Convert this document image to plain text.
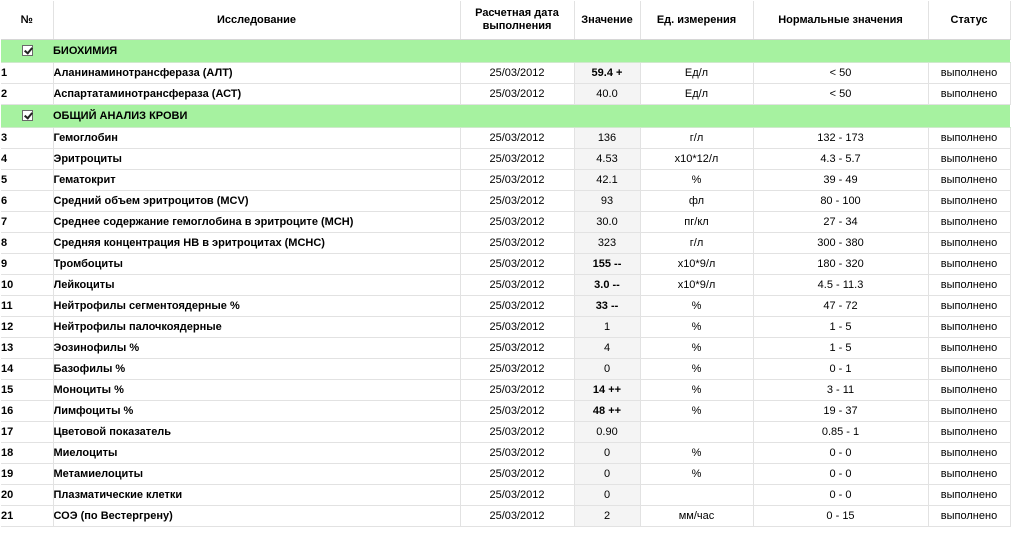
№	Исследование	Расчетная дата выполнения	Значение	Ед. измерения	Нормальные значения	Статус
	БИОХИМИЯ					
1	Аланинаминотрансфераза (АЛТ)	25/03/2012	59.4 +	Ед/л	< 50	выполнено
2	Аспартатаминотрансфераза (АСТ)	25/03/2012	40.0	Ед/л	< 50	выполнено
	ОБЩИЙ АНАЛИЗ КРОВИ					
3	Гемоглобин	25/03/2012	136	г/л	132 - 173	выполнено
4	Эритроциты	25/03/2012	4.53	x10*12/л	4.3 - 5.7	выполнено
5	Гематокрит	25/03/2012	42.1	%	39 - 49	выполнено
6	Средний объем эритроцитов (MCV)	25/03/2012	93	фл	80 - 100	выполнено
7	Среднее содержание гемоглобина в эритроците (MCH)	25/03/2012	30.0	пг/кл	27 - 34	выполнено
8	Средняя концентрация HB в эритроцитах (MCHC)	25/03/2012	323	г/л	300 - 380	выполнено
9	Тромбоциты	25/03/2012	155 --	x10*9/л	180 - 320	выполнено
10	Лейкоциты	25/03/2012	3.0 --	x10*9/л	4.5 - 11.3	выполнено
11	Нейтрофилы сегментоядерные %	25/03/2012	33 --	%	47 - 72	выполнено
12	Нейтрофилы палочкоядерные	25/03/2012	1	%	1 - 5	выполнено
13	Эозинофилы %	25/03/2012	4	%	1 - 5	выполнено
14	Базофилы %	25/03/2012	0	%	0 - 1	выполнено
15	Моноциты %	25/03/2012	14 ++	%	3 - 11	выполнено
16	Лимфоциты %	25/03/2012	48 ++	%	19 - 37	выполнено
17	Цветовой показатель	25/03/2012	0.90		0.85 - 1	выполнено
18	Миелоциты	25/03/2012	0	%	0 - 0	выполнено
19	Метамиелоциты	25/03/2012	0	%	0 - 0	выполнено
20	Плазматические клетки	25/03/2012	0		0 - 0	выполнено
21	СОЭ (по Вестергрену)	25/03/2012	2	мм/час	0 - 15	выполнено
